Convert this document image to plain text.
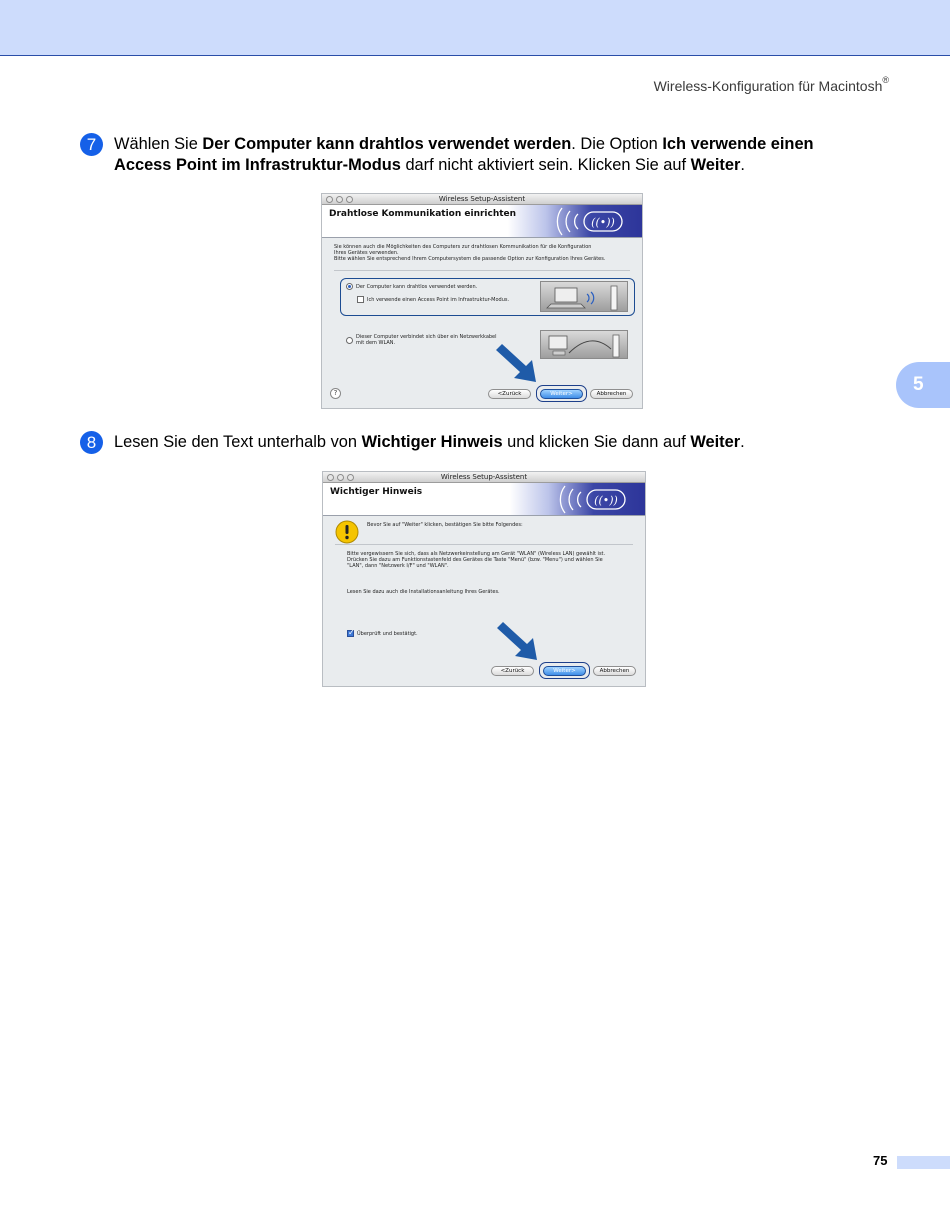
Wireless-Konfiguration für Macintosh®
5
7	Wählen Sie Der Computer kann drahtlos verwendet werden. Die Option Ich verwende einen Access Point im Infrastruktur-Modus darf nicht aktiviert sein. Klicken Sie auf Weiter.
Wireless Setup-Assistent
Drahtlose Kommunikation einrichten
((•))
Sie können auch die Möglichkeiten des Computers zur drahtlosen Kommunikation für die Konfiguration
Ihres Gerätes verwenden.
Bitte wählen Sie entsprechend Ihrem Computersystem die passende Option zur Konfiguration Ihres Gerätes.
Der Computer kann drahtlos verwendet werden.
Ich verwende einen Access Point im Infrastruktur-Modus.
Dieser Computer verbindet sich über ein Netzwerkkabel
mit dem WLAN.
?	<Zurück	Weiter>	Abbrechen
8	Lesen Sie den Text unterhalb von Wichtiger Hinweis und klicken Sie dann auf Weiter.
Wireless Setup-Assistent
Wichtiger Hinweis
((•))
Bevor Sie auf "Weiter" klicken, bestätigen Sie bitte Folgendes:
Bitte vergewissern Sie sich, dass als Netzwerkeinstellung am Gerät "WLAN" (Wireless LAN) gewählt ist.
Drücken Sie dazu am Funktionstastenfeld des Gerätes die Taste "Menü" (bzw. "Menu") und wählen Sie
"LAN", dann "Netzwerk I/F" und "WLAN".
Lesen Sie dazu auch die Installationsanleitung Ihres Gerätes.
✓
Überprüft und bestätigt.
<Zurück	Weiter>	Abbrechen
75
